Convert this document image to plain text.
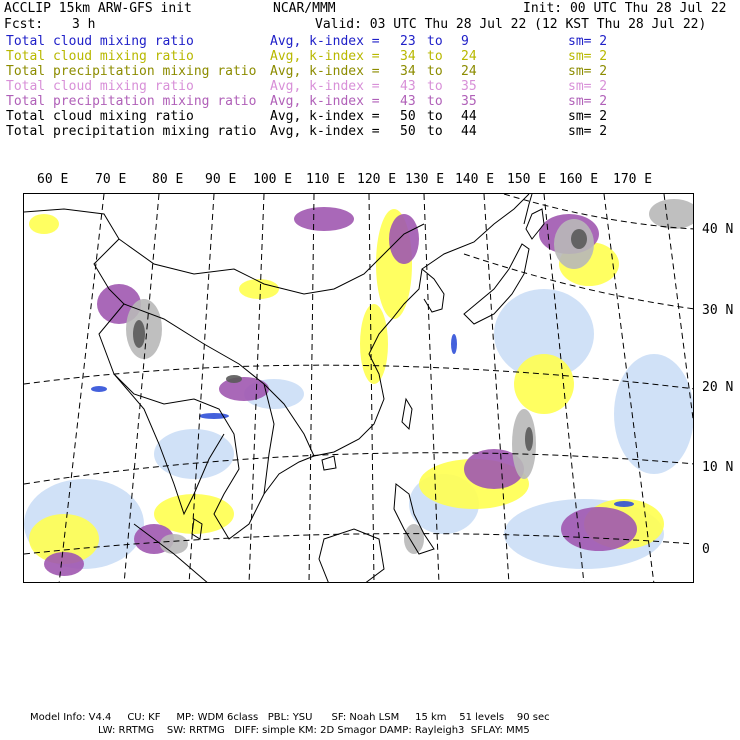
ACCLIP 15km ARW-GFS init	NCAR/MMM	Init: 00 UTC Thu 28 Jul 22
Fcst: 3 h	Valid: 03 UTC Thu 28 Jul 22 (12 KST Thu 28 Jul 22)
Total cloud mixing ratio	Avg, k-index = 23 to 9	sm= 2
Total cloud mixing ratio	Avg, k-index = 34 to 24	sm= 2
Total precipitation mixing ratio Avg, k-index = 34 to 24	sm= 2
Total cloud mixing ratio	Avg, k-index = 43 to 35	sm= 2
Total precipitation mixing ratio Avg, k-index = 43 to 35	sm= 2
Total cloud mixing ratio	Avg, k-index = 50 to 44	sm= 2
Total precipitation mixing ratio Avg, k-index = 50 to 44	sm= 2
60 E 70 E 80 E 90 E 100 E 110 E 120 E 130 E 140 E 150 E 160 E 170 E
40 N
30 N
20 N
10 N
0
Model Info: V4.4     CU: KF     MP: WDM 6class   PBL: YSU      SF: Noah LSM     15 km    51 levels    90 sec
LW: RRTMG    SW: RRTMG   DIFF: simple KM: 2D Smagor DAMP: Rayleigh3  SFLAY: MM5
